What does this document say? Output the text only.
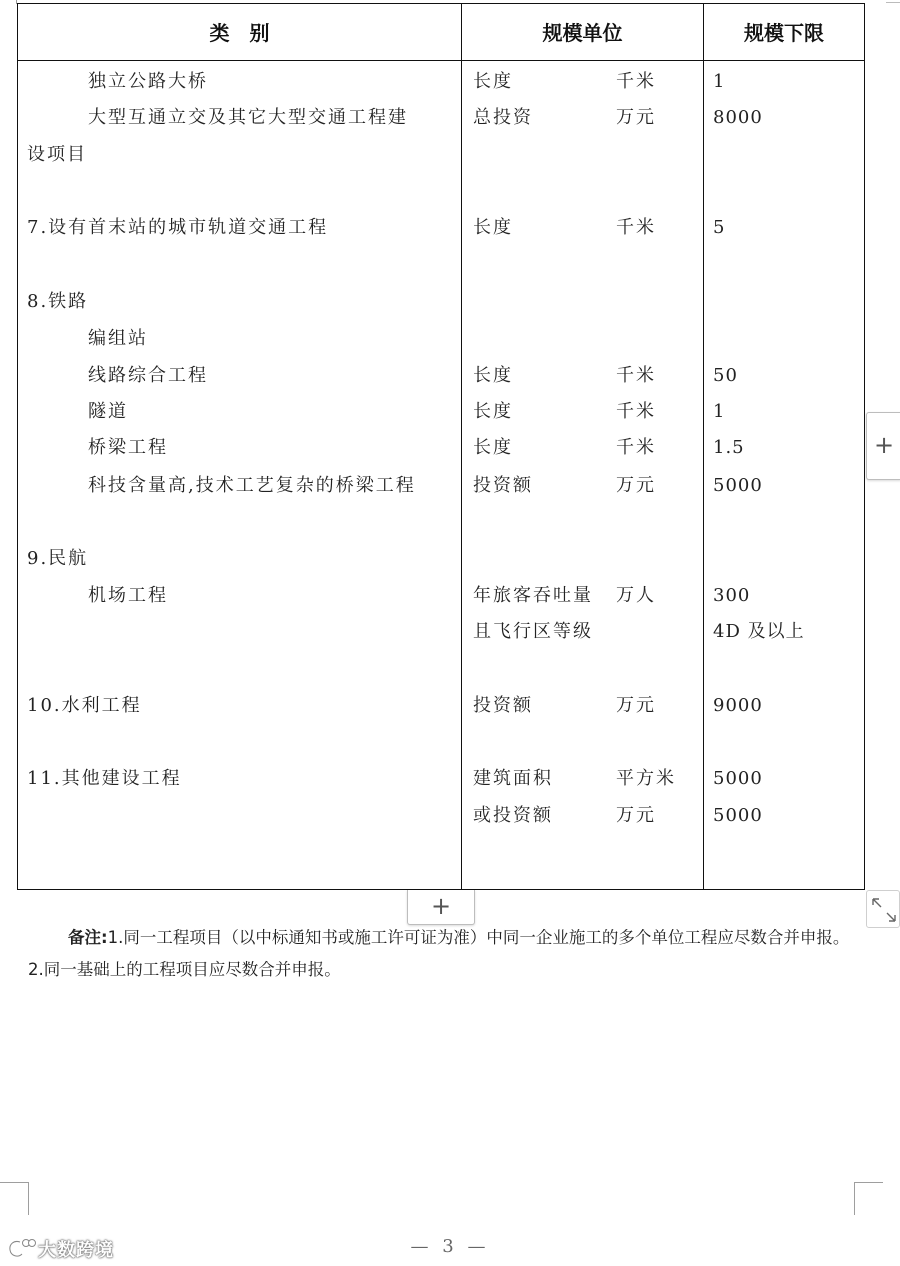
类　别	规模单位	规模下限
独立公路大桥
大型互通立交及其它大型交通工程建
设项目
7.设有首末站的城市轨道交通工程
8.铁路
编组站
线路综合工程
隧道
桥梁工程
科技含量高,技术工艺复杂的桥梁工程
9.民航
机场工程
10.水利工程
11.其他建设工程
长度
总投资
长度
长度
长度
长度
投资额
年旅客吞吐量
且飞行区等级
投资额
建筑面积
或投资额
千米
万元
千米
千米
千米
千米
万元
万人
万元
平方米
万元
1
8000
5
50
1
1.5
5000
300
4D 及以上
9000
5000
5000
+
+
备注:1.同一工程项目（以中标通知书或施工许可证为准）中同一企业施工的多个单位工程应尽数合并申报。2.同一基础上的工程项目应尽数合并申报。
— 3 —
大数跨境
